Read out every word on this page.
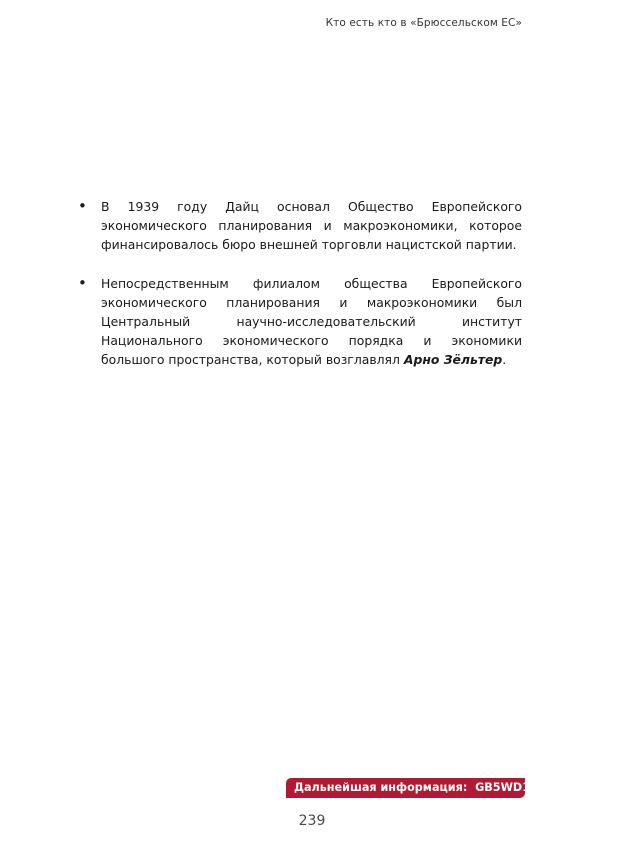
Кто есть кто в «Брюссельском ЕС»
• В 1939 году Дайц основал Общество Европейского экономического планирования и макроэкономики, которое финансировалось бюро внешней торговли нацистской партии.
• Непосредственным филиалом общества Европейского экономического планирования и макроэкономики был Центральный научно-исследовательский институт Национального экономического порядка и экономики большого пространства, который возглавлял Арно Зёльтер.
Дальнейшая информация: GB5WD198
239
